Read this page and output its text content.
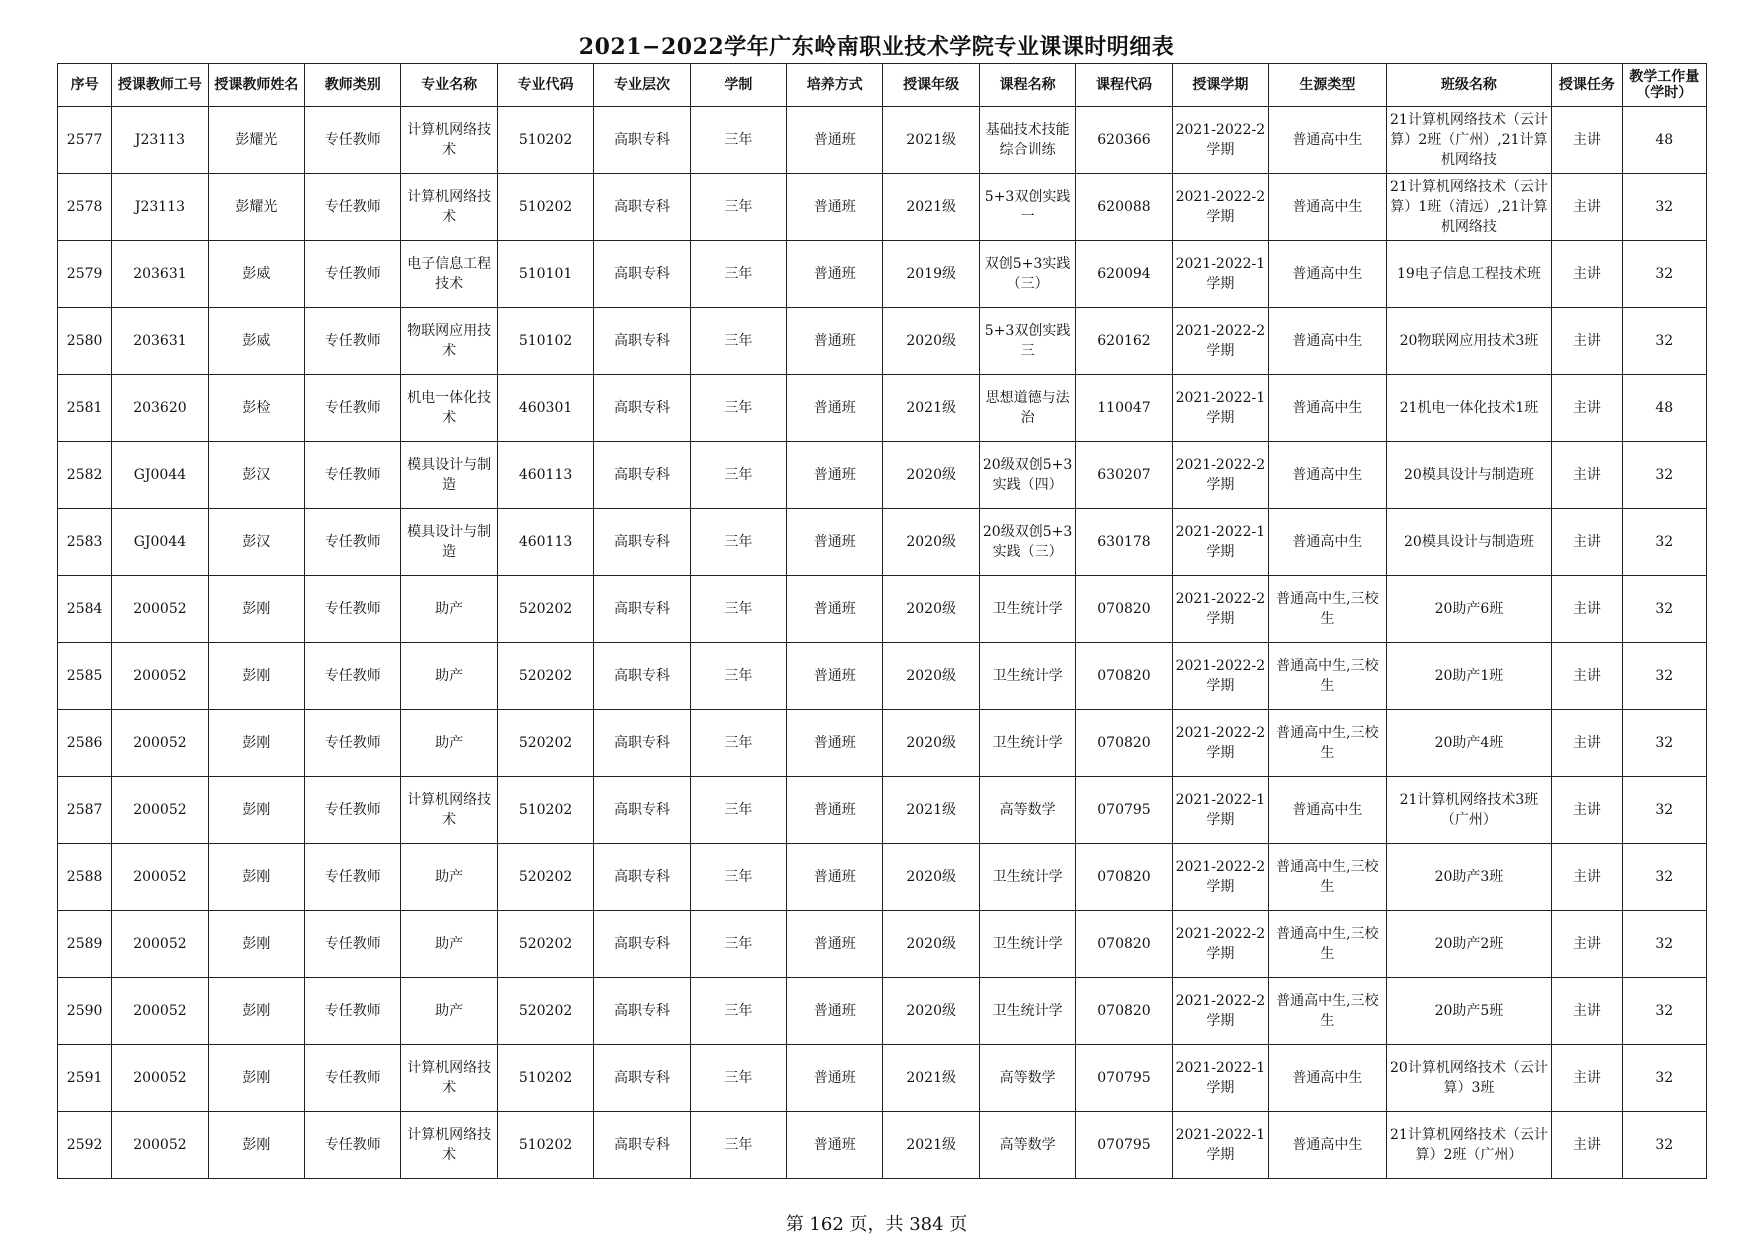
2021−2022学年广东岭南职业技术学院专业课课时明细表
序号	授课教师工号	授课教师姓名	教师类别	专业名称	专业代码	专业层次	学制	培养方式	授课年级	课程名称	课程代码	授课学期	生源类型	班级名称	授课任务	教学工作量（学时）

2577	J23113	彭耀光	专任教师	计算机网络技术	510202	高职专科	三年	普通班	2021级	基础技术技能综合训练	620366	2021-2022-2学期	普通高中生	21计算机网络技术（云计算）2班（广州）,21计算机网络技	主讲	48

2578	J23113	彭耀光	专任教师	计算机网络技术	510202	高职专科	三年	普通班	2021级	5+3双创实践一	620088	2021-2022-2学期	普通高中生	21计算机网络技术（云计算）1班（清远）,21计算机网络技	主讲	32

2579	203631	彭威	专任教师	电子信息工程技术	510101	高职专科	三年	普通班	2019级	双创5+3实践（三）	620094	2021-2022-1学期	普通高中生	19电子信息工程技术班	主讲	32

2580	203631	彭威	专任教师	物联网应用技术	510102	高职专科	三年	普通班	2020级	5+3双创实践三	620162	2021-2022-2学期	普通高中生	20物联网应用技术3班	主讲	32

2581	203620	彭检	专任教师	机电一体化技术	460301	高职专科	三年	普通班	2021级	思想道德与法治	110047	2021-2022-1学期	普通高中生	21机电一体化技术1班	主讲	48

2582	GJ0044	彭汉	专任教师	模具设计与制造	460113	高职专科	三年	普通班	2020级	20级双创5+3实践（四）	630207	2021-2022-2学期	普通高中生	20模具设计与制造班	主讲	32

2583	GJ0044	彭汉	专任教师	模具设计与制造	460113	高职专科	三年	普通班	2020级	20级双创5+3实践（三）	630178	2021-2022-1学期	普通高中生	20模具设计与制造班	主讲	32

2584	200052	彭刚	专任教师	助产	520202	高职专科	三年	普通班	2020级	卫生统计学	070820	2021-2022-2学期	普通高中生,三校生	20助产6班	主讲	32

2585	200052	彭刚	专任教师	助产	520202	高职专科	三年	普通班	2020级	卫生统计学	070820	2021-2022-2学期	普通高中生,三校生	20助产1班	主讲	32

2586	200052	彭刚	专任教师	助产	520202	高职专科	三年	普通班	2020级	卫生统计学	070820	2021-2022-2学期	普通高中生,三校生	20助产4班	主讲	32

2587	200052	彭刚	专任教师	计算机网络技术	510202	高职专科	三年	普通班	2021级	高等数学	070795	2021-2022-1学期	普通高中生	21计算机网络技术3班（广州）	主讲	32

2588	200052	彭刚	专任教师	助产	520202	高职专科	三年	普通班	2020级	卫生统计学	070820	2021-2022-2学期	普通高中生,三校生	20助产3班	主讲	32

2589	200052	彭刚	专任教师	助产	520202	高职专科	三年	普通班	2020级	卫生统计学	070820	2021-2022-2学期	普通高中生,三校生	20助产2班	主讲	32

2590	200052	彭刚	专任教师	助产	520202	高职专科	三年	普通班	2020级	卫生统计学	070820	2021-2022-2学期	普通高中生,三校生	20助产5班	主讲	32

2591	200052	彭刚	专任教师	计算机网络技术	510202	高职专科	三年	普通班	2021级	高等数学	070795	2021-2022-1学期	普通高中生	20计算机网络技术（云计算）3班	主讲	32

2592	200052	彭刚	专任教师	计算机网络技术	510202	高职专科	三年	普通班	2021级	高等数学	070795	2021-2022-1学期	普通高中生	21计算机网络技术（云计算）2班（广州）	主讲	32
第 162 页，共 384 页
